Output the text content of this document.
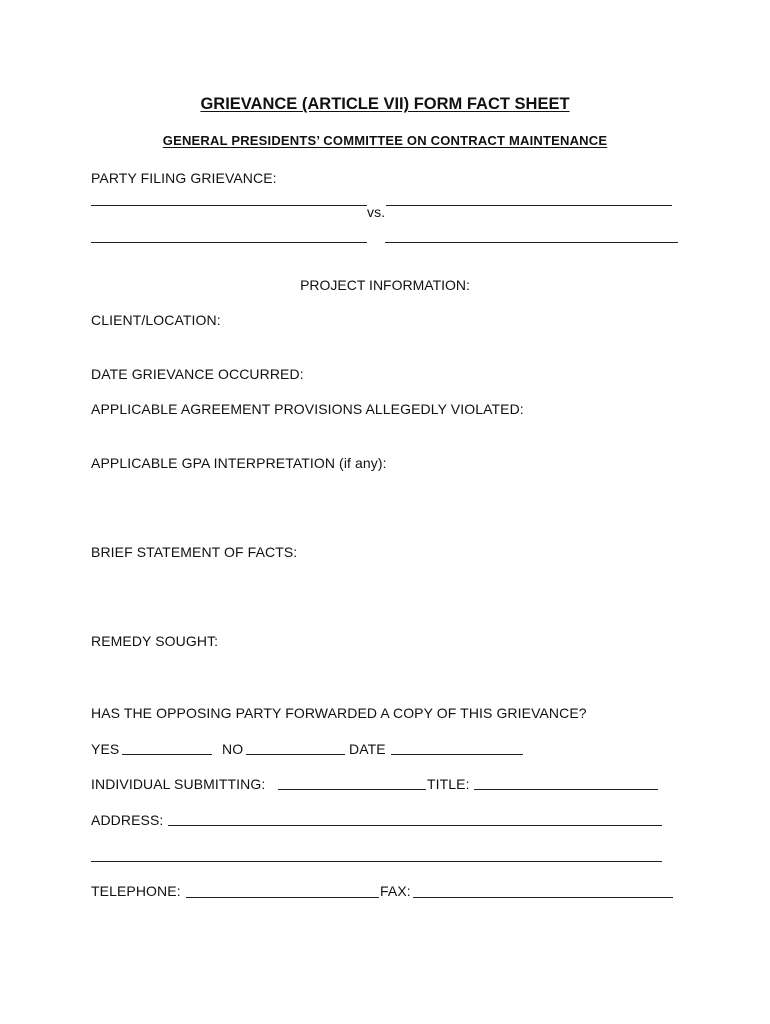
GRIEVANCE (ARTICLE VII) FORM FACT SHEET
GENERAL PRESIDENTS’ COMMITTEE ON CONTRACT MAINTENANCE
PARTY FILING GRIEVANCE:
vs.
PROJECT INFORMATION:
CLIENT/LOCATION:
DATE GRIEVANCE OCCURRED:
APPLICABLE AGREEMENT PROVISIONS ALLEGEDLY VIOLATED:
APPLICABLE GPA INTERPRETATION (if any):
BRIEF STATEMENT OF FACTS:
REMEDY SOUGHT:
HAS THE OPPOSING PARTY FORWARDED A COPY OF THIS GRIEVANCE?
YES	NO	DATE
INDIVIDUAL SUBMITTING:	TITLE:
ADDRESS:
TELEPHONE:	FAX:
